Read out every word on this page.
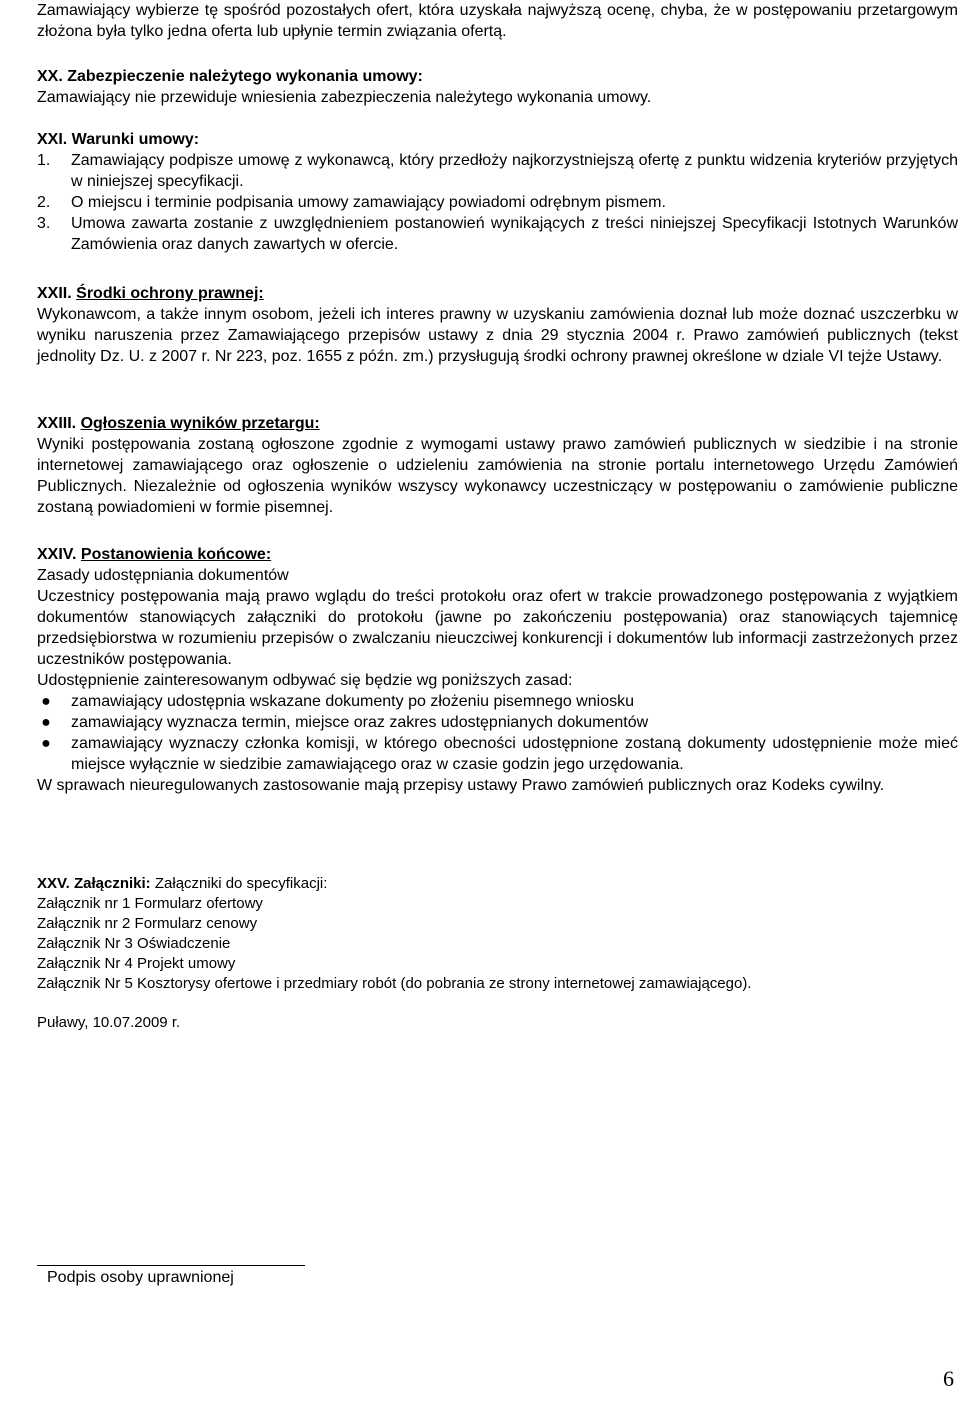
Zamawiający wybierze tę spośród pozostałych ofert, która uzyskała najwyższą ocenę, chyba, że w postępowaniu przetargowym złożona była tylko jedna oferta lub upłynie termin związania ofertą.

XX. Zabezpieczenie należytego wykonania umowy:

Zamawiający nie przewiduje wniesienia zabezpieczenia należytego wykonania umowy.

XXI. Warunki umowy:

1. Zamawiający podpisze umowę z wykonawcą, który przedłoży najkorzystniejszą ofertę z punktu widzenia kryteriów przyjętych w niniejszej specyfikacji.
2. O miejscu i terminie podpisania umowy zamawiający powiadomi odrębnym pismem.
3. Umowa zawarta zostanie z uwzględnieniem postanowień wynikających z treści niniejszej Specyfikacji Istotnych Warunków Zamówienia oraz danych zawartych w ofercie.

XXII. Środki ochrony prawnej:

Wykonawcom, a także innym osobom, jeżeli ich interes prawny w uzyskaniu zamówienia doznał lub może doznać uszczerbku w wyniku naruszenia przez Zamawiającego przepisów ustawy z dnia 29 stycznia 2004 r. Prawo zamówień publicznych (tekst jednolity Dz. U. z 2007 r. Nr 223, poz. 1655 z późn. zm.) przysługują środki ochrony prawnej określone w dziale VI tejże Ustawy.

XXIII. Ogłoszenia wyników przetargu:

Wyniki postępowania zostaną ogłoszone zgodnie z wymogami ustawy prawo zamówień publicznych w siedzibie i na stronie internetowej zamawiającego oraz ogłoszenie o udzieleniu zamówienia na stronie portalu internetowego Urzędu Zamówień Publicznych. Niezależnie od ogłoszenia wyników wszyscy wykonawcy uczestniczący w postępowaniu o zamówienie publiczne zostaną powiadomieni w formie pisemnej.

XXIV. Postanowienia końcowe:

Zasady udostępniania dokumentów

Uczestnicy postępowania mają prawo wglądu do treści protokołu oraz ofert w trakcie prowadzonego postępowania z wyjątkiem dokumentów stanowiących załączniki do protokołu (jawne po zakończeniu postępowania) oraz stanowiących tajemnicę przedsiębiorstwa w rozumieniu przepisów o zwalczaniu nieuczciwej konkurencji i dokumentów lub informacji zastrzeżonych przez uczestników postępowania.

Udostępnienie zainteresowanym odbywać się będzie wg poniższych zasad:

● zamawiający udostępnia wskazane dokumenty po złożeniu pisemnego wniosku
● zamawiający wyznacza termin, miejsce oraz zakres udostępnianych dokumentów
● zamawiający wyznaczy członka komisji, w którego obecności udostępnione zostaną dokumenty udostępnienie może mieć miejsce wyłącznie w siedzibie zamawiającego oraz w czasie godzin jego urzędowania.

W sprawach nieuregulowanych zastosowanie mają przepisy ustawy Prawo zamówień publicznych oraz Kodeks cywilny.

XXV. Załączniki: Załączniki do specyfikacji:

Załącznik nr 1 Formularz ofertowy

Załącznik nr 2 Formularz cenowy

Załącznik Nr 3 Oświadczenie

Załącznik Nr 4 Projekt umowy

Załącznik Nr 5 Kosztorysy ofertowe i przedmiary robót (do pobrania ze strony internetowej zamawiającego).

Puławy, 10.07.2009 r.

Podpis osoby uprawnionej
6
